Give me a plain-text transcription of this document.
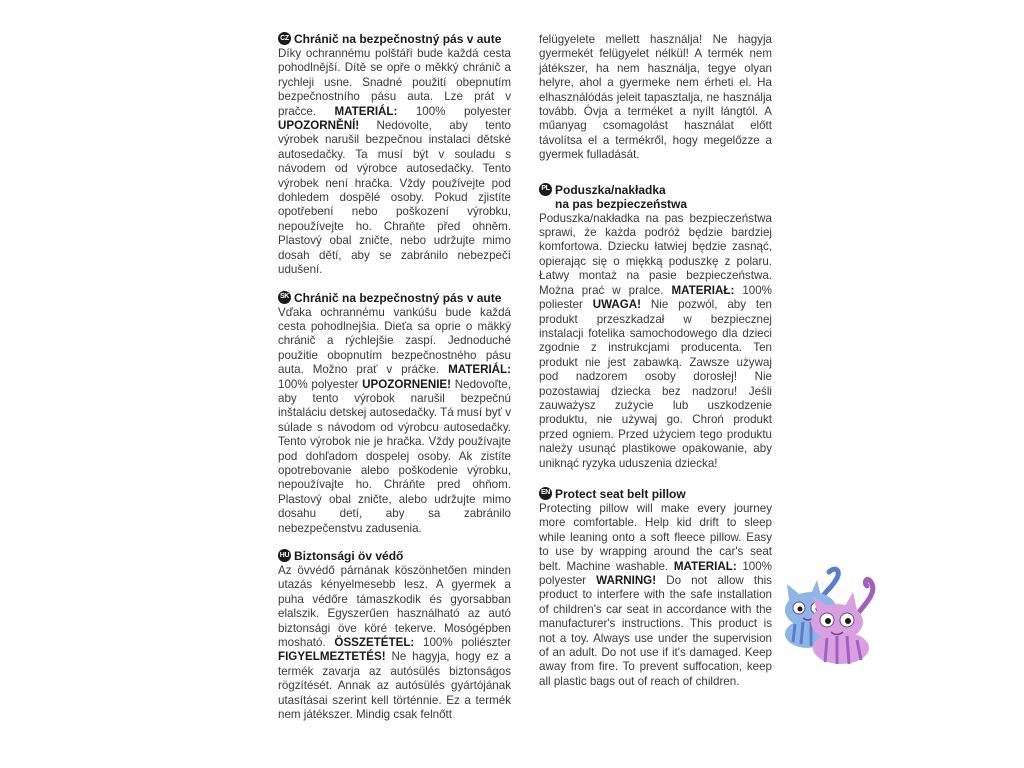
CZ Chránič na bezpečnostný pás v aute
Díky ochrannému polštáři bude každá cesta pohodlnější. Dítě se opře o měkký chránič a rychleji usne. Snadné použití obepnutím bezpečnostního pásu auta. Lze prát v pračce. MATERIÁL: 100% polyester UPOZORNĚNÍ! Nedovolte, aby tento výrobek narušil bezpečnou instalaci dětské autosedačky. Ta musí být v souladu s návodem od výrobce autosedačky. Tento výrobek není hračka. Vždy používejte pod dohledem dospělé osoby. Pokud zjistíte opotřebení nebo poškození výrobku, nepoužívejte ho. Chraňte před ohněm. Plastový obal zničte, nebo udržujte mimo dosah dětí, aby se zabránilo nebezpečí udušení.
SK Chránič na bezpečnostný pás v aute
Vďaka ochrannému vankúšu bude každá cesta pohodlnejšia. Dieťa sa oprie o mäkký chránič a rýchlejšie zaspí. Jednoduché použitie obopnutím bezpečnostného pásu auta. Možno prať v práčke. MATERIÁL: 100% polyester UPOZORNENIE! Nedovoľte, aby tento výrobok narušil bezpečnú inštaláciu detskej autosedačky. Tá musí byť v súlade s návodom od výrobcu autosedačky. Tento výrobok nie je hračka. Vždy používajte pod dohľadom dospelej osoby. Ak zistíte opotrebovanie alebo poškodenie výrobku, nepoužívajte ho. Chráňte pred ohňom. Plastový obal zničte, alebo udržujte mimo dosahu detí, aby sa zabránilo nebezpečenstvu zadusenia.
HU Biztonsági öv védő
Az övvédő párnának köszönhetően minden utazás kényelmesebb lesz. A gyermek a puha védőre támaszkodik és gyorsabban elalszik. Egyszerűen használható az autó biztonsági öve köré tekerve. Mosógépben mosható. ÖSSZETÉTEL: 100% poliészter FIGYELMEZTETÉS! Ne hagyja, hogy ez a termék zavarja az autósülés biztonságos rögzítését. Annak az autósülés gyártójának utasításai szerint kell történnie. Ez a termék nem játékszer. Mindig csak felnőtt
felügyelete mellett használja! Ne hagyja gyermekét felügyelet nélkül! A termék nem játékszer, ha nem használja, tegye olyan helyre, ahol a gyermeke nem érheti el. Ha elhasználódás jeleit tapasztalja, ne használja tovább. Óvja a terméket a nyílt lángtól. A műanyag csomagolást használat előtt távolítsa el a termékről, hogy megelőzze a gyermek fulladását.
PL Poduszka/nakładka
na pas bezpieczeństwa
Poduszka/nakładka na pas bezpieczeństwa sprawi, że każda podróż będzie bardziej komfortowa. Dziecku łatwiej będzie zasnąć, opierając się o miękką poduszkę z polaru. Łatwy montaż na pasie bezpieczeństwa. Można prać w pralce. MATERIAŁ: 100% poliester UWAGA! Nie pozwól, aby ten produkt przeszkadzał w bezpiecznej instalacji fotelika samochodowego dla dzieci zgodnie z instrukcjami producenta. Ten produkt nie jest zabawką. Zawsze używaj pod nadzorem osoby dorosłej! Nie pozostawiaj dziecka bez nadzoru! Jeśli zauważysz zużycie lub uszkodzenie produktu, nie używaj go. Chroń produkt przed ogniem. Przed użyciem tego produktu należy usunąć plastikowe opakowanie, aby uniknąć ryzyka uduszenia dziecka!
EN Protect seat belt pillow
Protecting pillow will make every journey more comfortable. Help kid drift to sleep while leaning onto a soft fleece pillow. Easy to use by wrapping around the car's seat belt. Machine washable. MATERIAL: 100% polyester WARNING! Do not allow this product to interfere with the safe installation of children's car seat in accordance with the manufacturer's instructions. This product is not a toy. Always use under the supervision of an adult. Do not use if it's damaged. Keep away from fire. To prevent suffocation, keep all plastic bags out of reach of children.
